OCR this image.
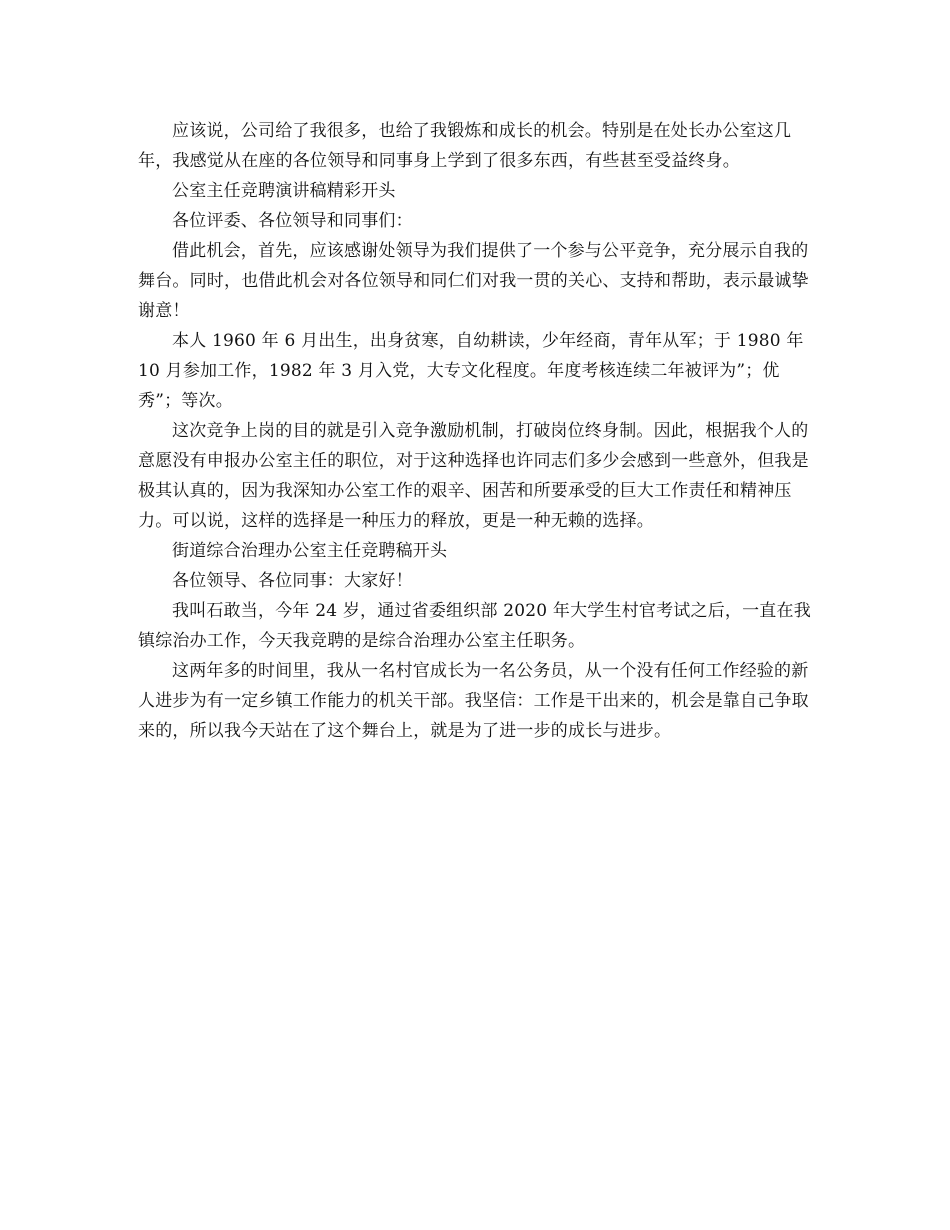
应该说，公司给了我很多，也给了我锻炼和成长的机会。特别是在处长办公室这几年，我感觉从在座的各位领导和同事身上学到了很多东西，有些甚至受益终身。

公室主任竞聘演讲稿精彩开头

各位评委、各位领导和同事们：

借此机会，首先，应该感谢处领导为我们提供了一个参与公平竞争，充分展示自我的舞台。同时，也借此机会对各位领导和同仁们对我一贯的关心、支持和帮助，表示最诚挚谢意！

本人 1960 年 6 月出生，出身贫寒，自幼耕读，少年经商，青年从军；于 1980 年 10 月参加工作，1982 年 3 月入党，大专文化程度。年度考核连续二年被评为”；优秀”；等次。

这次竞争上岗的目的就是引入竞争激励机制，打破岗位终身制。因此，根据我个人的意愿没有申报办公室主任的职位，对于这种选择也许同志们多少会感到一些意外，但我是极其认真的，因为我深知办公室工作的艰辛、困苦和所要承受的巨大工作责任和精神压力。可以说，这样的选择是一种压力的释放，更是一种无赖的选择。

街道综合治理办公室主任竞聘稿开头

各位领导、各位同事：大家好！

我叫石敢当，今年 24 岁，通过省委组织部 2020 年大学生村官考试之后，一直在我镇综治办工作，今天我竞聘的是综合治理办公室主任职务。

这两年多的时间里，我从一名村官成长为一名公务员，从一个没有任何工作经验的新人进步为有一定乡镇工作能力的机关干部。我坚信：工作是干出来的，机会是靠自己争取来的，所以我今天站在了这个舞台上，就是为了进一步的成长与进步。
